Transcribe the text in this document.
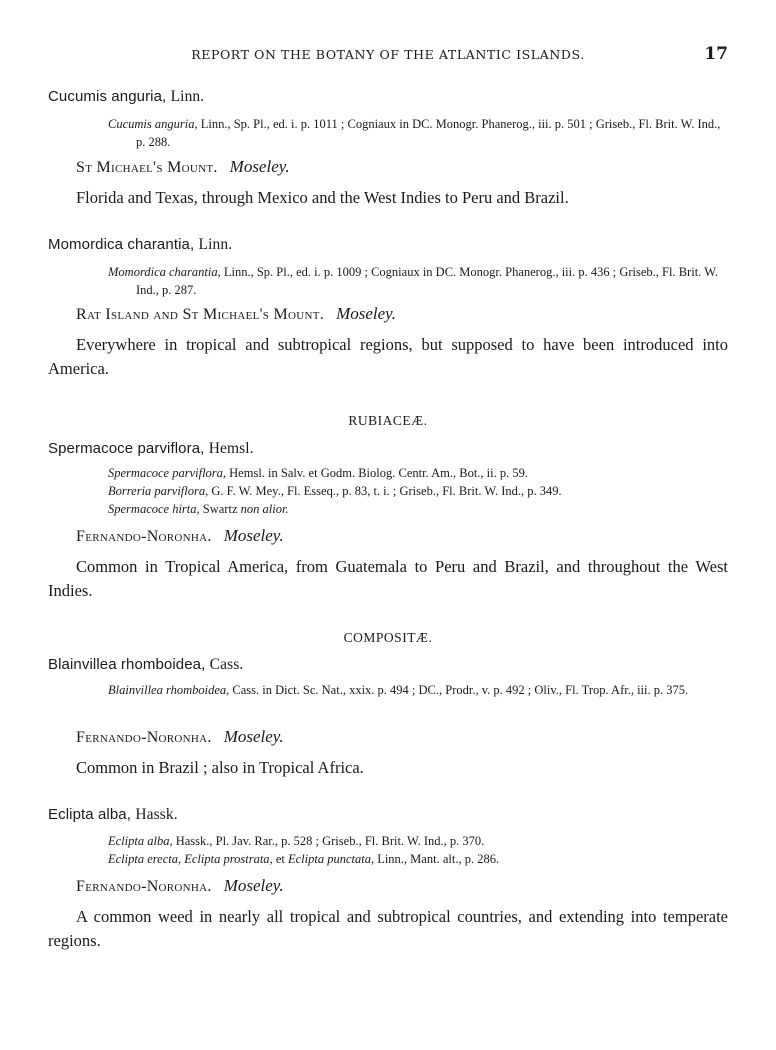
REPORT ON THE BOTANY OF THE ATLANTIC ISLANDS.	17
Cucumis anguria, Linn.
Cucumis anguria, Linn., Sp. Pl., ed. i. p. 1011 ; Cogniaux in DC. Monogr. Phanerog., iii. p. 501 ; Griseb., Fl. Brit. W. Ind., p. 288.
St Michael's Mount. Moseley.
Florida and Texas, through Mexico and the West Indies to Peru and Brazil.
Momordica charantia, Linn.
Momordica charantia, Linn., Sp. Pl., ed. i. p. 1009 ; Cogniaux in DC. Monogr. Phanerog., iii. p. 436 ; Griseb., Fl. Brit. W. Ind., p. 287.
Rat Island and St Michael's Mount. Moseley.
Everywhere in tropical and subtropical regions, but supposed to have been introduced into America.
RUBIACEÆ.
Spermacoce parviflora, Hemsl.
Spermacoce parviflora, Hemsl. in Salv. et Godm. Biolog. Centr. Am., Bot., ii. p. 59.
Borreria parviflora, G. F. W. Mey., Fl. Esseq., p. 83, t. i. ; Griseb., Fl. Brit. W. Ind., p. 349.
Spermacoce hirta, Swartz non alior.
Fernando-Noronha. Moseley.
Common in Tropical America, from Guatemala to Peru and Brazil, and throughout the West Indies.
COMPOSITÆ.
Blainvillea rhomboidea, Cass.
Blainvillea rhomboidea, Cass. in Dict. Sc. Nat., xxix. p. 494 ; DC., Prodr., v. p. 492 ; Oliv., Fl. Trop. Afr., iii. p. 375.
Fernando-Noronha. Moseley.
Common in Brazil ; also in Tropical Africa.
Eclipta alba, Hassk.
Eclipta alba, Hassk., Pl. Jav. Rar., p. 528 ; Griseb., Fl. Brit. W. Ind., p. 370.
Eclipta erecta, Eclipta prostrata, et Eclipta punctata, Linn., Mant. alt., p. 286.
Fernando-Noronha. Moseley.
A common weed in nearly all tropical and subtropical countries, and extending into temperate regions.
